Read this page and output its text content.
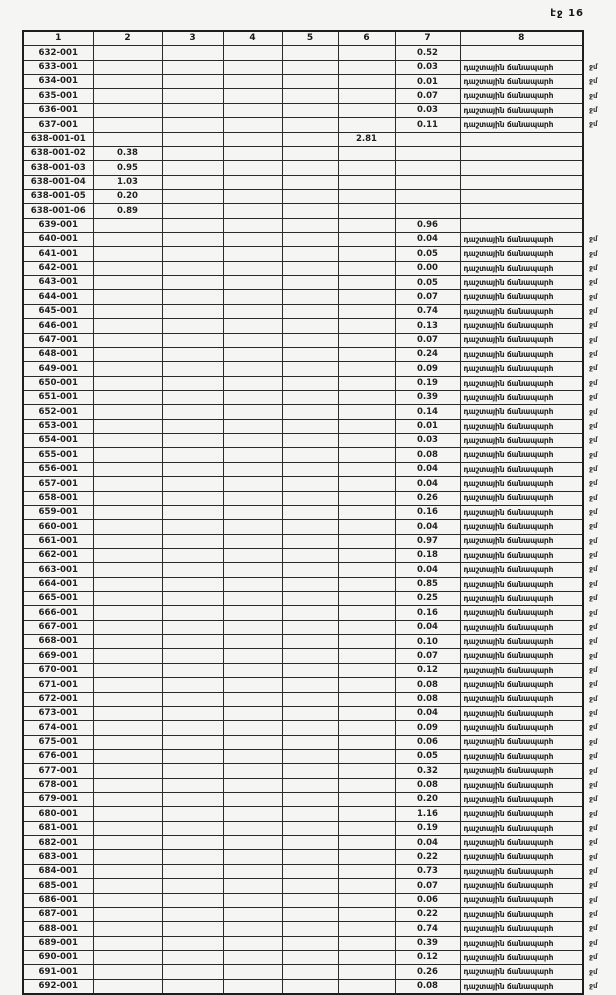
էջ 16
1	2	3	4	5	6	7	8	
632-001						0.52		
633-001						0.03	դաշտային ճանապարհ	ջմ
634-001						0.01	դաշտային ճանապարհ	ջմ
635-001						0.07	դաշտային ճանապարհ	ջմ
636-001						0.03	դաշտային ճանապարհ	ջմ
637-001						0.11	դաշտային ճանապարհ	ջմ
638-001-01					2.81			
638-001-02	0.38							
638-001-03	0.95							
638-001-04	1.03							
638-001-05	0.20							
638-001-06	0.89							
639-001						0.96		
640-001						0.04	դաշտային ճանապարհ	ջմ
641-001						0.05	դաշտային ճանապարհ	ջմ
642-001						0.00	դաշտային ճանապարհ	ջմ
643-001						0.05	դաշտային ճանապարհ	ջմ
644-001						0.07	դաշտային ճանապարհ	ջմ
645-001						0.74	դաշտային ճանապարհ	ջմ
646-001						0.13	դաշտային ճանապարհ	ջմ
647-001						0.07	դաշտային ճանապարհ	ջմ
648-001						0.24	դաշտային ճանապարհ	ջմ
649-001						0.09	դաշտային ճանապարհ	ջմ
650-001						0.19	դաշտային ճանապարհ	ջմ
651-001						0.39	դաշտային ճանապարհ	ջմ
652-001						0.14	դաշտային ճանապարհ	ջմ
653-001						0.01	դաշտային ճանապարհ	ջմ
654-001						0.03	դաշտային ճանապարհ	ջմ
655-001						0.08	դաշտային ճանապարհ	ջմ
656-001						0.04	դաշտային ճանապարհ	ջմ
657-001						0.04	դաշտային ճանապարհ	ջմ
658-001						0.26	դաշտային ճանապարհ	ջմ
659-001						0.16	դաշտային ճանապարհ	ջմ
660-001						0.04	դաշտային ճանապարհ	ջմ
661-001						0.97	դաշտային ճանապարհ	ջմ
662-001						0.18	դաշտային ճանապարհ	ջմ
663-001						0.04	դաշտային ճանապարհ	ջմ
664-001						0.85	դաշտային ճանապարհ	ջմ
665-001						0.25	դաշտային ճանապարհ	ջմ
666-001						0.16	դաշտային ճանապարհ	ջմ
667-001						0.04	դաշտային ճանապարհ	ջմ
668-001						0.10	դաշտային ճանապարհ	ջմ
669-001						0.07	դաշտային ճանապարհ	ջմ
670-001						0.12	դաշտային ճանապարհ	ջմ
671-001						0.08	դաշտային ճանապարհ	ջմ
672-001						0.08	դաշտային ճանապարհ	ջմ
673-001						0.04	դաշտային ճանապարհ	ջմ
674-001						0.09	դաշտային ճանապարհ	ջմ
675-001						0.06	դաշտային ճանապարհ	ջմ
676-001						0.05	դաշտային ճանապարհ	ջմ
677-001						0.32	դաշտային ճանապարհ	ջմ
678-001						0.08	դաշտային ճանապարհ	ջմ
679-001						0.20	դաշտային ճանապարհ	ջմ
680-001						1.16	դաշտային ճանապարհ	ջմ
681-001						0.19	դաշտային ճանապարհ	ջմ
682-001						0.04	դաշտային ճանապարհ	ջմ
683-001						0.22	դաշտային ճանապարհ	ջմ
684-001						0.73	դաշտային ճանապարհ	ջմ
685-001						0.07	դաշտային ճանապարհ	ջմ
686-001						0.06	դաշտային ճանապարհ	ջմ
687-001						0.22	դաշտային ճանապարհ	ջմ
688-001						0.74	դաշտային ճանապարհ	ջմ
689-001						0.39	դաշտային ճանապարհ	ջմ
690-001						0.12	դաշտային ճանապարհ	ջմ
691-001						0.26	դաշտային ճանապարհ	ջմ
692-001						0.08	դաշտային ճանապարհ	ջմ
